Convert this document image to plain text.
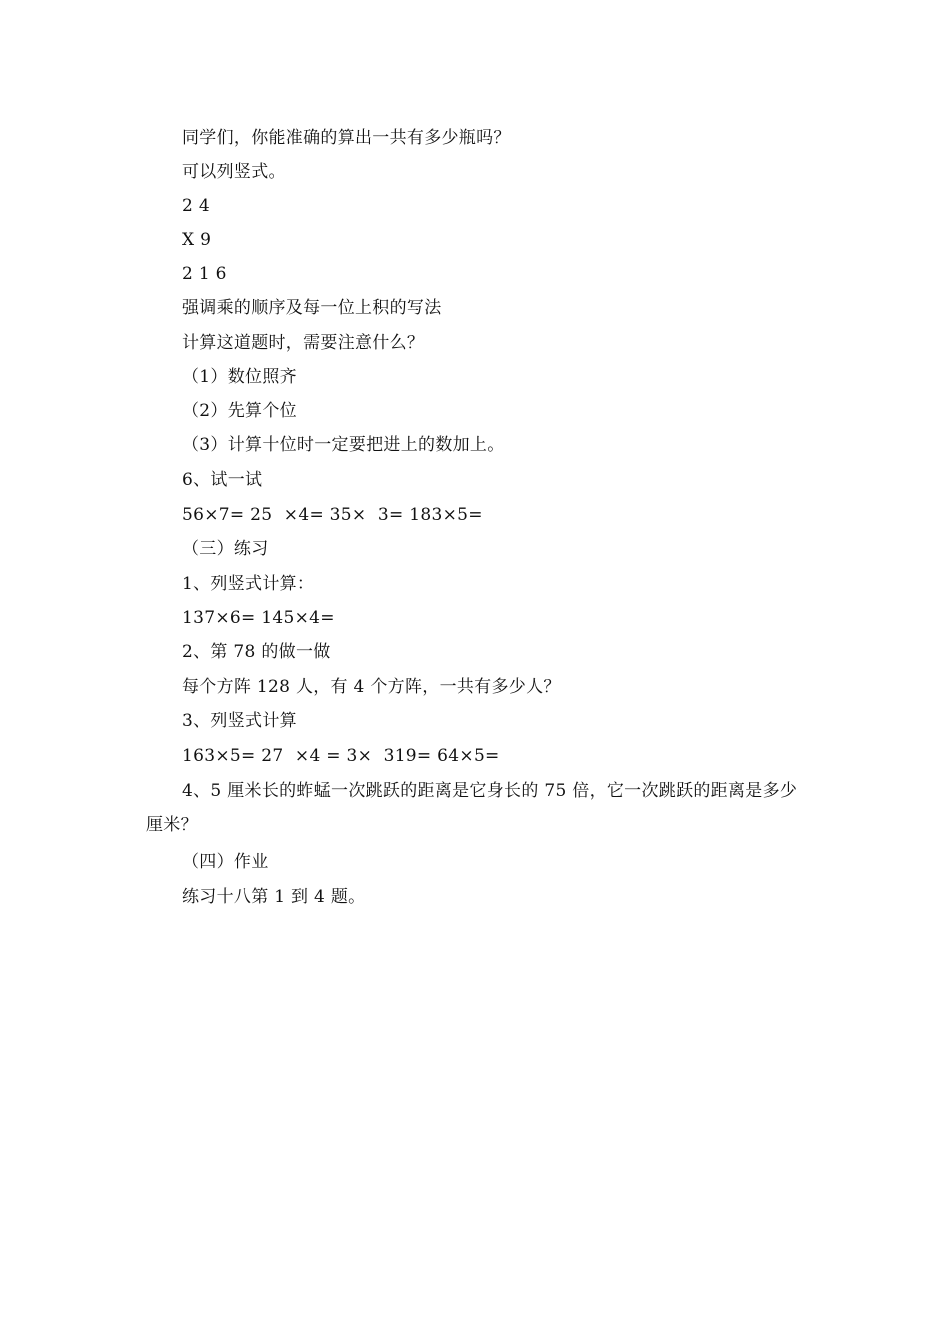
同学们，你能准确的算出一共有多少瓶吗？
可以列竖式。
2 4
X 9
2 1 6
强调乘的顺序及每一位上积的写法
计算这道题时，需要注意什么？
（1）数位照齐
（2）先算个位
（3）计算十位时一定要把进上的数加上。
6、试一试
56×7= 25  ×4= 35×  3= 183×5=
（三）练习
1、列竖式计算：
137×6= 145×4=
2、第 78 的做一做
每个方阵 128 人，有 4 个方阵，一共有多少人？
3、列竖式计算
163×5= 27  ×4 = 3×  319= 64×5=
4、5 厘米长的蚱蜢一次跳跃的距离是它身长的 75 倍，它一次跳跃的距离是多少厘米？
（四）作业
练习十八第 1 到 4 题。
